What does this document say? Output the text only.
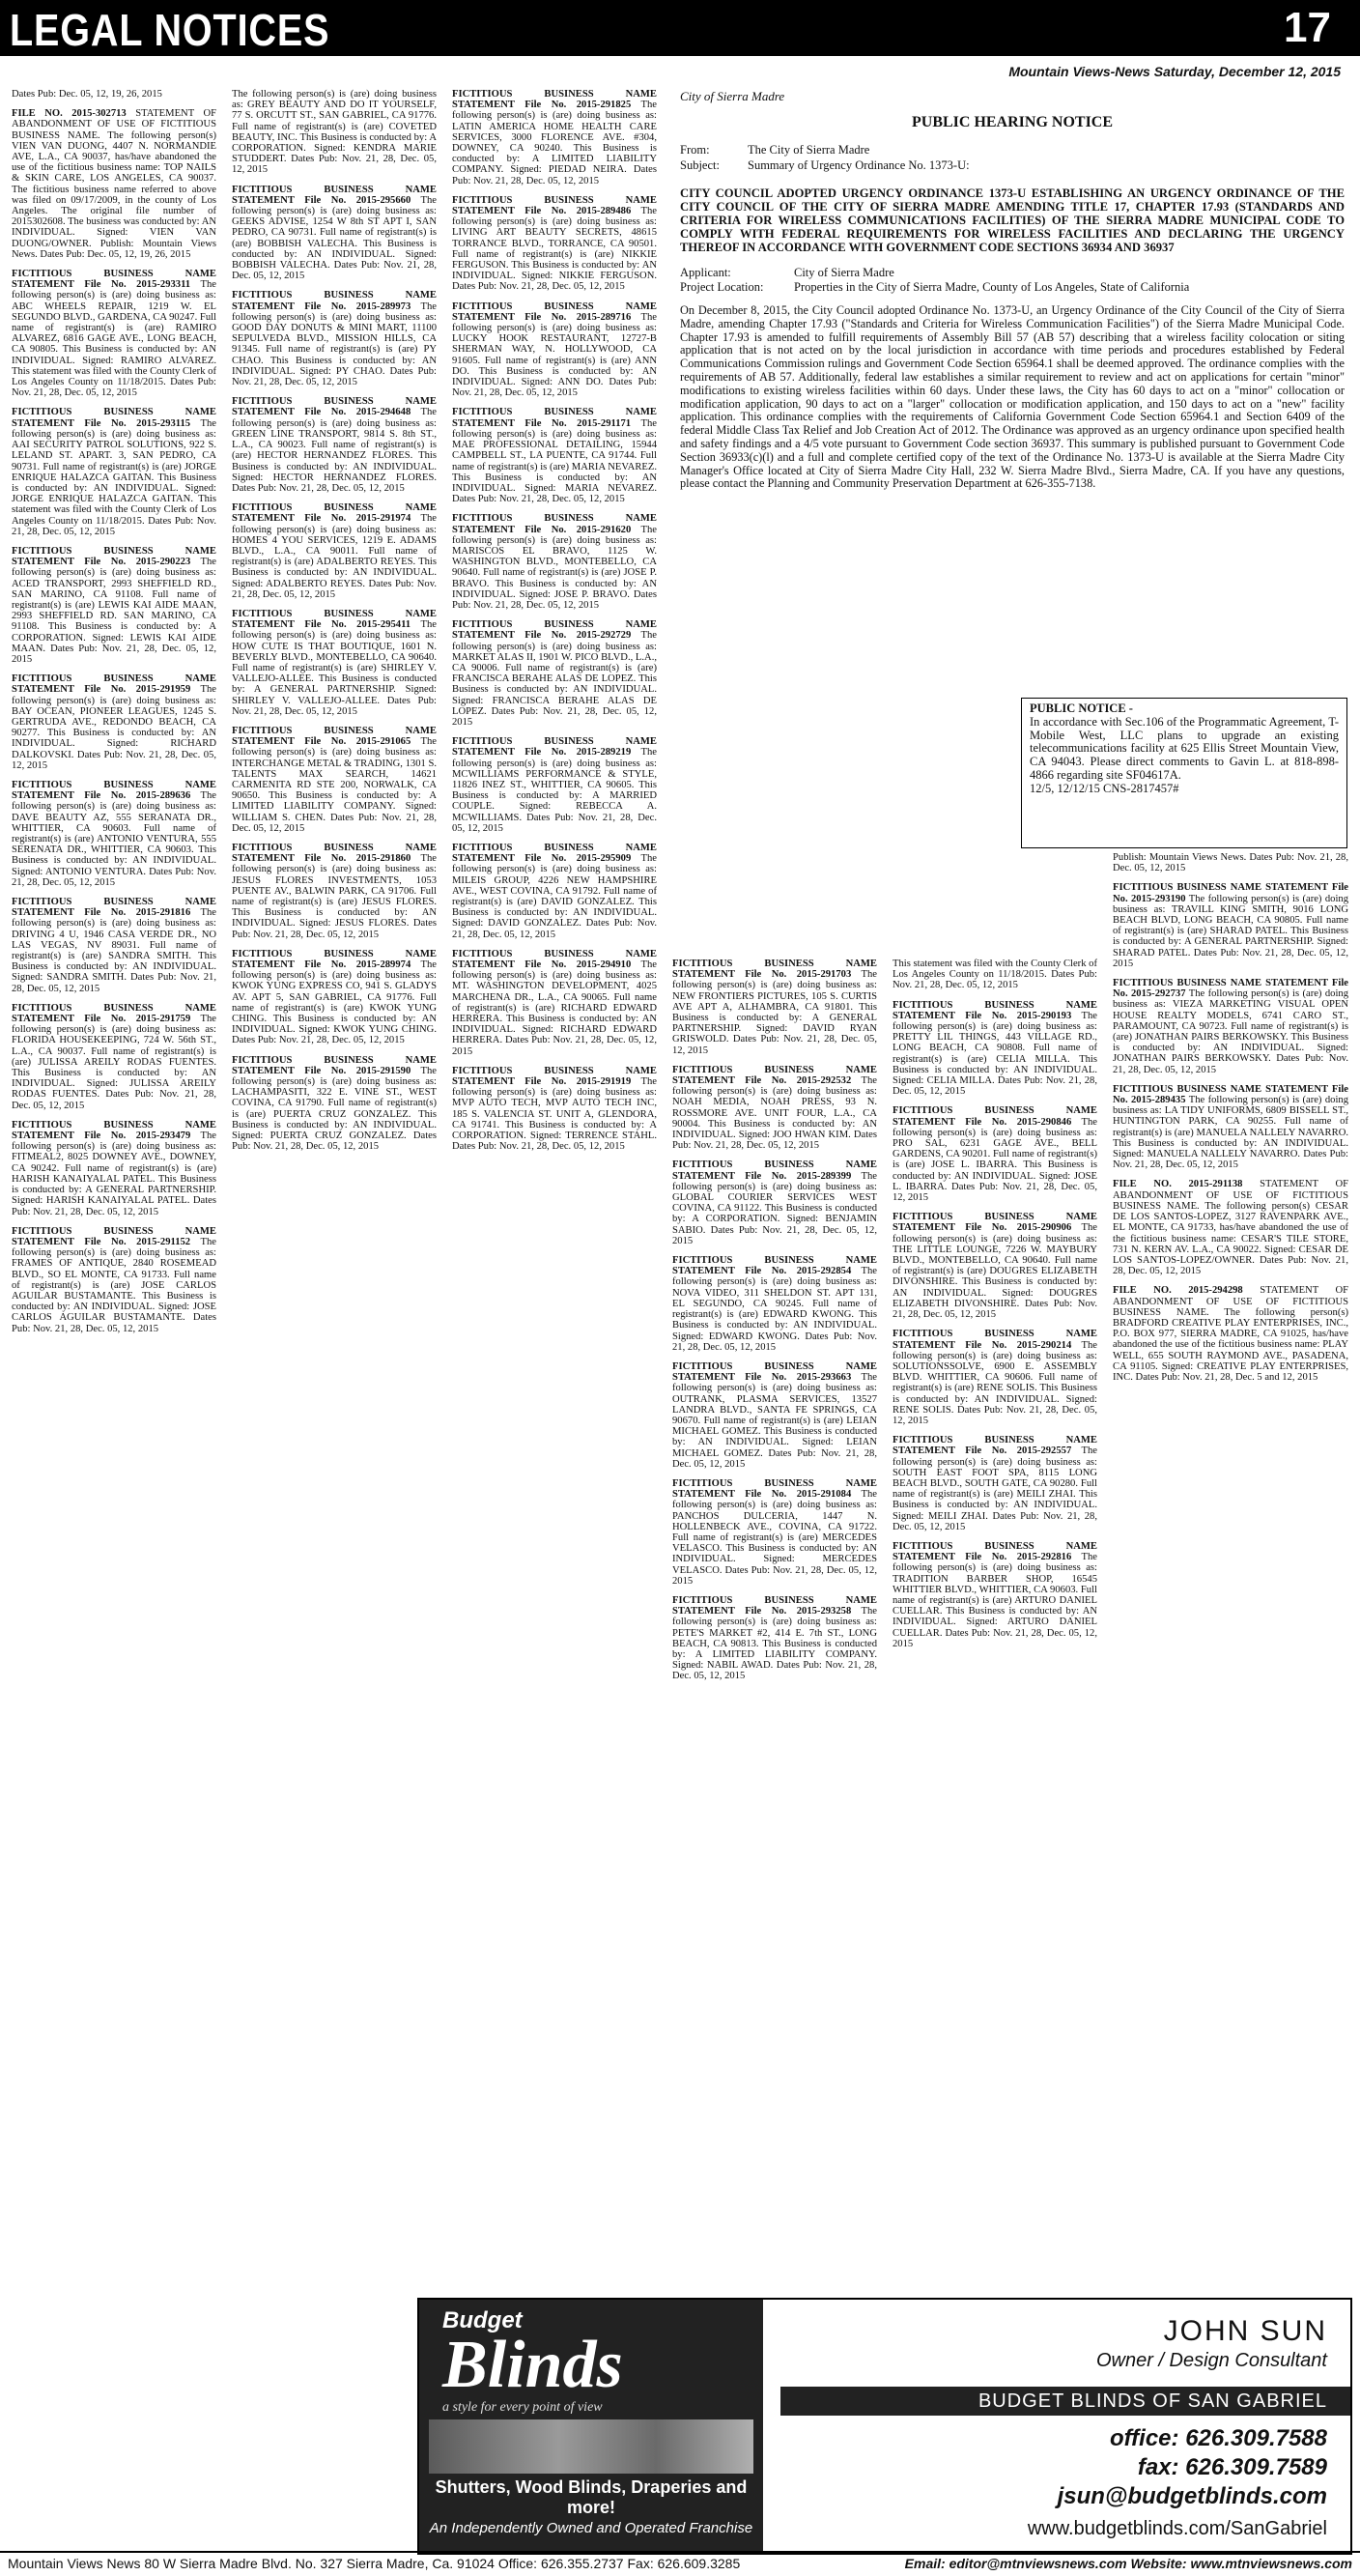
LEGAL NOTICES	17
Mountain Views-News Saturday, December 12, 2015
Dates Pub: Dec. 05, 12, 19, 26, 2015
FILE NO. 2015-302713 STATEMENT OF ABANDONMENT OF USE OF FICTITIOUS BUSINESS NAME. The following person(s) VIEN VAN DUONG, 4407 N. NORMANDIE AVE, L.A., CA 90037, has/have abandoned the use of the fictitious business name: TOP NAILS & SKIN CARE, LOS ANGELES, CA 90037. The fictitious business name referred to above was filed on 09/17/2009, in the county of Los Angeles. The original file number of 2015302608. The business was conducted by: AN INDIVIDUAL. Signed: VIEN VAN DUONG/OWNER. Publish: Mountain Views News. Dates Pub: Dec. 05, 12, 19, 26, 2015
FICTITIOUS BUSINESS NAME STATEMENT File No. 2015-293311 The following person(s) is (are) doing business as: ABC WHEELS REPAIR, 1219 W. EL SEGUNDO BLVD., GARDENA, CA 90247. Full name of registrant(s) is (are) RAMIRO ALVAREZ, 6816 GAGE AVE., LONG BEACH, CA 90805. This Business is conducted by: AN INDIVIDUAL. Signed: RAMIRO ALVAREZ. This statement was filed with the County Clerk of Los Angeles County on 11/18/2015. Dates Pub: Nov. 21, 28, Dec. 05, 12, 2015
FICTITIOUS BUSINESS NAME STATEMENT File No. 2015-293115 The following person(s) is (are) doing business as: AAI SECURITY PATROL SOLUTIONS, 922 S. LELAND ST. APART. 3, SAN PEDRO, CA 90731. Full name of registrant(s) is (are) JORGE ENRIQUE HALAZCA GAITAN. This Business is conducted by: AN INDIVIDUAL. Signed: JORGE ENRIQUE HALAZCA GAITAN. This statement was filed with the County Clerk of Los Angeles County on 11/18/2015. Dates Pub: Nov. 21, 28, Dec. 05, 12, 2015
FICTITIOUS BUSINESS NAME STATEMENT File No. 2015-290223 The following person(s) is (are) doing business as: ACED TRANSPORT, 2993 SHEFFIELD RD., SAN MARINO, CA 91108. Full name of registrant(s) is (are) LEWIS KAI AIDE MAAN, 2993 SHEFFIELD RD. SAN MARINO, CA 91108. This Business is conducted by: A CORPORATION. Signed: LEWIS KAI AIDE MAAN. Dates Pub: Nov. 21, 28, Dec. 05, 12, 2015
FICTITIOUS BUSINESS NAME STATEMENT File No. 2015-291959 The following person(s) is (are) doing business as: BAY OCEAN, PIONEER LEAGUES, 1245 S. GERTRUDA AVE., REDONDO BEACH, CA 90277. This Business is conducted by: AN INDIVIDUAL. Signed: RICHARD DALKOVSKI. Dates Pub: Nov. 21, 28, Dec. 05, 12, 2015
FICTITIOUS BUSINESS NAME STATEMENT File No. 2015-289636 The following person(s) is (are) doing business as: DAVE BEAUTY AZ, 555 SERANATA DR., WHITTIER, CA 90603. Full name of registrant(s) is (are) ANTONIO VENTURA, 555 SERENATA DR., WHITTIER, CA 90603. This Business is conducted by: AN INDIVIDUAL. Signed: ANTONIO VENTURA. Dates Pub: Nov. 21, 28, Dec. 05, 12, 2015
FICTITIOUS BUSINESS NAME STATEMENT File No. 2015-291816 The following person(s) is (are) doing business as: DRIVING 4 U, 1946 CASA VERDE DR., NO LAS VEGAS, NV 89031. Full name of registrant(s) is (are) SANDRA SMITH. This Business is conducted by: AN INDIVIDUAL. Signed: SANDRA SMITH. Dates Pub: Nov. 21, 28, Dec. 05, 12, 2015
FICTITIOUS BUSINESS NAME STATEMENT File No. 2015-291759 The following person(s) is (are) doing business as: FLORIDA HOUSEKEEPING, 724 W. 56th ST., L.A., CA 90037. Full name of registrant(s) is (are) JULISSA AREILY RODAS FUENTES. This Business is conducted by: AN INDIVIDUAL. Signed: JULISSA AREILY RODAS FUENTES. Dates Pub: Nov. 21, 28, Dec. 05, 12, 2015
FICTITIOUS BUSINESS NAME STATEMENT File No. 2015-293479 The following person(s) is (are) doing business as: FITMEAL2, 8025 DOWNEY AVE., DOWNEY, CA 90242. Full name of registrant(s) is (are) HARISH KANAIYALAL PATEL. This Business is conducted by: A GENERAL PARTNERSHIP. Signed: HARISH KANAIYALAL PATEL. Dates Pub: Nov. 21, 28, Dec. 05, 12, 2015
FICTITIOUS BUSINESS NAME STATEMENT File No. 2015-291152 The following person(s) is (are) doing business as: FRAMES OF ANTIQUE, 2840 ROSEMEAD BLVD., SO EL MONTE, CA 91733. Full name of registrant(s) is (are) JOSE CARLOS AGUILAR BUSTAMANTE. This Business is conducted by: AN INDIVIDUAL. Signed: JOSE CARLOS AGUILAR BUSTAMANTE. Dates Pub: Nov. 21, 28, Dec. 05, 12, 2015
The following person(s) is (are) doing business as: GREY BEAUTY AND DO IT YOURSELF, 77 S. ORCUTT ST., SAN GABRIEL, CA 91776. Full name of registrant(s) is (are) COVETED BEAUTY, INC. This Business is conducted by: A CORPORATION. Signed: KENDRA MARIE STUDDERT. Dates Pub: Nov. 21, 28, Dec. 05, 12, 2015
FICTITIOUS BUSINESS NAME STATEMENT File No. 2015-295660 The following person(s) is (are) doing business as: GEEKS ADVISE, 1254 W 8th ST APT I, SAN PEDRO, CA 90731. Full name of registrant(s) is (are) BOBBISH VALECHA. This Business is conducted by: AN INDIVIDUAL. Signed: BOBBISH VALECHA. Dates Pub: Nov. 21, 28, Dec. 05, 12, 2015
FICTITIOUS BUSINESS NAME STATEMENT File No. 2015-289973 The following person(s) is (are) doing business as: GOOD DAY DONUTS & MINI MART, 11100 SEPULVEDA BLVD., MISSION HILLS, CA 91345. Full name of registrant(s) is (are) PY CHAO. This Business is conducted by: AN INDIVIDUAL. Signed: PY CHAO. Dates Pub: Nov. 21, 28, Dec. 05, 12, 2015
FICTITIOUS BUSINESS NAME STATEMENT File No. 2015-294648 The following person(s) is (are) doing business as: GREEN LINE TRANSPORT, 9814 S. 8th ST., L.A., CA 90023. Full name of registrant(s) is (are) HECTOR HERNANDEZ FLORES. This Business is conducted by: AN INDIVIDUAL. Signed: HECTOR HERNANDEZ FLORES. Dates Pub: Nov. 21, 28, Dec. 05, 12, 2015
FICTITIOUS BUSINESS NAME STATEMENT File No. 2015-291974 The following person(s) is (are) doing business as: HOMES 4 YOU SERVICES, 1219 E. ADAMS BLVD., L.A., CA 90011. Full name of registrant(s) is (are) ADALBERTO REYES. This Business is conducted by: AN INDIVIDUAL. Signed: ADALBERTO REYES. Dates Pub: Nov. 21, 28, Dec. 05, 12, 2015
FICTITIOUS BUSINESS NAME STATEMENT File No. 2015-295411 The following person(s) is (are) doing business as: HOW CUTE IS THAT BOUTIQUE, 1601 N. BEVERLY BLVD., MONTEBELLO, CA 90640. Full name of registrant(s) is (are) SHIRLEY V. VALLEJO-ALLEE. This Business is conducted by: A GENERAL PARTNERSHIP. Signed: SHIRLEY V. VALLEJO-ALLEE. Dates Pub: Nov. 21, 28, Dec. 05, 12, 2015
FICTITIOUS BUSINESS NAME STATEMENT File No. 2015-291065 The following person(s) is (are) doing business as: INTERCHANGE METAL & TRADING, 1301 S. TALENTS MAX SEARCH, 14621 CARMENITA RD STE 200, NORWALK, CA 90650. This Business is conducted by: A LIMITED LIABILITY COMPANY. Signed: WILLIAM S. CHEN. Dates Pub: Nov. 21, 28, Dec. 05, 12, 2015
FICTITIOUS BUSINESS NAME STATEMENT File No. 2015-291860 The following person(s) is (are) doing business as: JESUS FLORES INVESTMENTS, 1053 PUENTE AV., BALWIN PARK, CA 91706. Full name of registrant(s) is (are) JESUS FLORES. This Business is conducted by: AN INDIVIDUAL. Signed: JESUS FLORES. Dates Pub: Nov. 21, 28, Dec. 05, 12, 2015
FICTITIOUS BUSINESS NAME STATEMENT File No. 2015-289974 The following person(s) is (are) doing business as: KWOK YUNG EXPRESS CO, 941 S. GLADYS AV. APT 5, SAN GABRIEL, CA 91776. Full name of registrant(s) is (are) KWOK YUNG CHING. This Business is conducted by: AN INDIVIDUAL. Signed: KWOK YUNG CHING. Dates Pub: Nov. 21, 28, Dec. 05, 12, 2015
FICTITIOUS BUSINESS NAME STATEMENT File No. 2015-291590 The following person(s) is (are) doing business as: LACHAMPASITI, 322 E. VINE ST., WEST COVINA, CA 91790. Full name of registrant(s) is (are) PUERTA CRUZ GONZALEZ. This Business is conducted by: AN INDIVIDUAL. Signed: PUERTA CRUZ GONZALEZ. Dates Pub: Nov. 21, 28, Dec. 05, 12, 2015
FICTITIOUS BUSINESS NAME STATEMENT File No. 2015-291825 The following person(s) is (are) doing business as: LATIN AMERICA HOME HEALTH CARE SERVICES, 3000 FLORENCE AVE. #304, DOWNEY, CA 90240. This Business is conducted by: A LIMITED LIABILITY COMPANY. Signed: PIEDAD NEIRA. Dates Pub: Nov. 21, 28, Dec. 05, 12, 2015
FICTITIOUS BUSINESS NAME STATEMENT File No. 2015-289486 The following person(s) is (are) doing business as: LIVING ART BEAUTY SECRETS, 48615 TORRANCE BLVD., TORRANCE, CA 90501. Full name of registrant(s) is (are) NIKKIE FERGUSON. This Business is conducted by: AN INDIVIDUAL. Signed: NIKKIE FERGUSON. Dates Pub: Nov. 21, 28, Dec. 05, 12, 2015
FICTITIOUS BUSINESS NAME STATEMENT File No. 2015-289716 The following person(s) is (are) doing business as: LUCKY HOOK RESTAURANT, 12727-B SHERMAN WAY, N. HOLLYWOOD, CA 91605. Full name of registrant(s) is (are) ANN DO. This Business is conducted by: AN INDIVIDUAL. Signed: ANN DO. Dates Pub: Nov. 21, 28, Dec. 05, 12, 2015
FICTITIOUS BUSINESS NAME STATEMENT File No. 2015-291171 The following person(s) is (are) doing business as: MAE PROFESSIONAL DETAILING, 15944 CAMPBELL ST., LA PUENTE, CA 91744. Full name of registrant(s) is (are) MARIA NEVAREZ. This Business is conducted by: AN INDIVIDUAL. Signed: MARIA NEVAREZ. Dates Pub: Nov. 21, 28, Dec. 05, 12, 2015
FICTITIOUS BUSINESS NAME STATEMENT File No. 2015-291620 The following person(s) is (are) doing business as: MARISCOS EL BRAVO, 1125 W. WASHINGTON BLVD., MONTEBELLO, CA 90640. Full name of registrant(s) is (are) JOSE P. BRAVO. This Business is conducted by: AN INDIVIDUAL. Signed: JOSE P. BRAVO. Dates Pub: Nov. 21, 28, Dec. 05, 12, 2015
FICTITIOUS BUSINESS NAME STATEMENT File No. 2015-292729 The following person(s) is (are) doing business as: MARKET ALAS II, 1901 W. PICO BLVD., L.A., CA 90006. Full name of registrant(s) is (are) FRANCISCA BERAHE ALAS DE LOPEZ. This Business is conducted by: AN INDIVIDUAL. Signed: FRANCISCA BERAHE ALAS DE LOPEZ. Dates Pub: Nov. 21, 28, Dec. 05, 12, 2015
FICTITIOUS BUSINESS NAME STATEMENT File No. 2015-289219 The following person(s) is (are) doing business as: MCWILLIAMS PERFORMANCE & STYLE, 11826 INEZ ST., WHITTIER, CA 90605. This Business is conducted by: A MARRIED COUPLE. Signed: REBECCA A. MCWILLIAMS. Dates Pub: Nov. 21, 28, Dec. 05, 12, 2015
FICTITIOUS BUSINESS NAME STATEMENT File No. 2015-295909 The following person(s) is (are) doing business as: MILEIS GROUP, 4226 NEW HAMPSHIRE AVE., WEST COVINA, CA 91792. Full name of registrant(s) is (are) DAVID GONZALEZ. This Business is conducted by: AN INDIVIDUAL. Signed: DAVID GONZALEZ. Dates Pub: Nov. 21, 28, Dec. 05, 12, 2015
FICTITIOUS BUSINESS NAME STATEMENT File No. 2015-294910 The following person(s) is (are) doing business as: MT. WASHINGTON DEVELOPMENT, 4025 MARCHENA DR., L.A., CA 90065. Full name of registrant(s) is (are) RICHARD EDWARD HERRERA. This Business is conducted by: AN INDIVIDUAL. Signed: RICHARD EDWARD HERRERA. Dates Pub: Nov. 21, 28, Dec. 05, 12, 2015
FICTITIOUS BUSINESS NAME STATEMENT File No. 2015-291919 The following person(s) is (are) doing business as: MVP AUTO TECH, MVP AUTO TECH INC, 185 S. VALENCIA ST. UNIT A, GLENDORA, CA 91741. This Business is conducted by: A CORPORATION. Signed: TERRENCE STAHL. Dates Pub: Nov. 21, 28, Dec. 05, 12, 2015
FICTITIOUS BUSINESS NAME STATEMENT File No. 2015-291703 The following person(s) is (are) doing business as: NEW FRONTIERS PICTURES, 105 S. CURTIS AVE APT A, ALHAMBRA, CA 91801. This Business is conducted by: A GENERAL PARTNERSHIP. Signed: DAVID RYAN GRISWOLD. Dates Pub: Nov. 21, 28, Dec. 05, 12, 2015
FICTITIOUS BUSINESS NAME STATEMENT File No. 2015-292532 The following person(s) is (are) doing business as: NOAH MEDIA, NOAH PRESS, 93 N. ROSSMORE AVE. UNIT FOUR, L.A., CA 90004. This Business is conducted by: AN INDIVIDUAL. Signed: JOO HWAN KIM. Dates Pub: Nov. 21, 28, Dec. 05, 12, 2015
FICTITIOUS BUSINESS NAME STATEMENT File No. 2015-289399 The following person(s) is (are) doing business as: GLOBAL COURIER SERVICES WEST COVINA, CA 91122. This Business is conducted by: A CORPORATION. Signed: BENJAMIN SABIO. Dates Pub: Nov. 21, 28, Dec. 05, 12, 2015
FICTITIOUS BUSINESS NAME STATEMENT File No. 2015-292854 The following person(s) is (are) doing business as: NOVA VIDEO, 311 SHELDON ST. APT 131, EL SEGUNDO, CA 90245. Full name of registrant(s) is (are) EDWARD KWONG. This Business is conducted by: AN INDIVIDUAL. Signed: EDWARD KWONG. Dates Pub: Nov. 21, 28, Dec. 05, 12, 2015
FICTITIOUS BUSINESS NAME STATEMENT File No. 2015-293663 The following person(s) is (are) doing business as: OUTRANK, PLASMA SERVICES, 13527 LANDRA BLVD., SANTA FE SPRINGS, CA 90670. Full name of registrant(s) is (are) LEIAN MICHAEL GOMEZ. This Business is conducted by: AN INDIVIDUAL. Signed: LEIAN MICHAEL GOMEZ. Dates Pub: Nov. 21, 28, Dec. 05, 12, 2015
FICTITIOUS BUSINESS NAME STATEMENT File No. 2015-291084 The following person(s) is (are) doing business as: PANCHOS DULCERIA, 1447 N. HOLLENBECK AVE., COVINA, CA 91722. Full name of registrant(s) is (are) MERCEDES VELASCO. This Business is conducted by: AN INDIVIDUAL. Signed: MERCEDES VELASCO. Dates Pub: Nov. 21, 28, Dec. 05, 12, 2015
FICTITIOUS BUSINESS NAME STATEMENT File No. 2015-293258 The following person(s) is (are) doing business as: PETE'S MARKET #2, 414 E. 7th ST., LONG BEACH, CA 90813. This Business is conducted by: A LIMITED LIABILITY COMPANY. Signed: NABIL AWAD. Dates Pub: Nov. 21, 28, Dec. 05, 12, 2015
This statement was filed with the County Clerk of Los Angeles County on 11/18/2015. Dates Pub: Nov. 21, 28, Dec. 05, 12, 2015
FICTITIOUS BUSINESS NAME STATEMENT File No. 2015-290193 The following person(s) is (are) doing business as: PRETTY LIL THINGS, 443 VILLAGE RD., LONG BEACH, CA 90808. Full name of registrant(s) is (are) CELIA MILLA. This Business is conducted by: AN INDIVIDUAL. Signed: CELIA MILLA. Dates Pub: Nov. 21, 28, Dec. 05, 12, 2015
FICTITIOUS BUSINESS NAME STATEMENT File No. 2015-290846 The following person(s) is (are) doing business as: PRO SAL, 6231 GAGE AVE., BELL GARDENS, CA 90201. Full name of registrant(s) is (are) JOSE L. IBARRA. This Business is conducted by: AN INDIVIDUAL. Signed: JOSE L. IBARRA. Dates Pub: Nov. 21, 28, Dec. 05, 12, 2015
FICTITIOUS BUSINESS NAME STATEMENT File No. 2015-290906 The following person(s) is (are) doing business as: THE LITTLE LOUNGE, 7226 W. MAYBURY BLVD., MONTEBELLO, CA 90640. Full name of registrant(s) is (are) DOUGRES ELIZABETH DIVONSHIRE. This Business is conducted by: AN INDIVIDUAL. Signed: DOUGRES ELIZABETH DIVONSHIRE. Dates Pub: Nov. 21, 28, Dec. 05, 12, 2015
FICTITIOUS BUSINESS NAME STATEMENT File No. 2015-290214 The following person(s) is (are) doing business as: SOLUTIONSSOLVE, 6900 E. ASSEMBLY BLVD. WHITTIER, CA 90606. Full name of registrant(s) is (are) RENE SOLIS. This Business is conducted by: AN INDIVIDUAL. Signed: RENE SOLIS. Dates Pub: Nov. 21, 28, Dec. 05, 12, 2015
FICTITIOUS BUSINESS NAME STATEMENT File No. 2015-292557 The following person(s) is (are) doing business as: SOUTH EAST FOOT SPA, 8115 LONG BEACH BLVD., SOUTH GATE, CA 90280. Full name of registrant(s) is (are) MEILI ZHAI. This Business is conducted by: AN INDIVIDUAL. Signed: MEILI ZHAI. Dates Pub: Nov. 21, 28, Dec. 05, 12, 2015
FICTITIOUS BUSINESS NAME STATEMENT File No. 2015-292816 The following person(s) is (are) doing business as: TRADITION BARBER SHOP, 16545 WHITTIER BLVD., WHITTIER, CA 90603. Full name of registrant(s) is (are) ARTURO DANIEL CUELLAR. This Business is conducted by: AN INDIVIDUAL. Signed: ARTURO DANIEL CUELLAR. Dates Pub: Nov. 21, 28, Dec. 05, 12, 2015
Publish: Mountain Views News. Dates Pub: Nov. 21, 28, Dec. 05, 12, 2015
FICTITIOUS BUSINESS NAME STATEMENT File No. 2015-293190 The following person(s) is (are) doing business as: TRAVILL KING SMITH, 9016 LONG BEACH BLVD, LONG BEACH, CA 90805. Full name of registrant(s) is (are) SHARAD PATEL. This Business is conducted by: A GENERAL PARTNERSHIP. Signed: SHARAD PATEL. Dates Pub: Nov. 21, 28, Dec. 05, 12, 2015
FICTITIOUS BUSINESS NAME STATEMENT File No. 2015-292737 The following person(s) is (are) doing business as: VIEZA MARKETING VISUAL OPEN HOUSE REALTY MODELS, 6741 CARO ST., PARAMOUNT, CA 90723. Full name of registrant(s) is (are) JONATHAN PAIRS BERKOWSKY. This Business is conducted by: AN INDIVIDUAL. Signed: JONATHAN PAIRS BERKOWSKY. Dates Pub: Nov. 21, 28, Dec. 05, 12, 2015
FICTITIOUS BUSINESS NAME STATEMENT File No. 2015-289435 The following person(s) is (are) doing business as: LA TIDY UNIFORMS, 6809 BISSELL ST., HUNTINGTON PARK, CA 90255. Full name of registrant(s) is (are) MANUELA NALLELY NAVARRO. This Business is conducted by: AN INDIVIDUAL. Signed: MANUELA NALLELY NAVARRO. Dates Pub: Nov. 21, 28, Dec. 05, 12, 2015
FILE NO. 2015-291138 STATEMENT OF ABANDONMENT OF USE OF FICTITIOUS BUSINESS NAME. The following person(s) CESAR DE LOS SANTOS-LOPEZ, 3127 RAVENPARK AVE., EL MONTE, CA 91733, has/have abandoned the use of the fictitious business name: CESAR'S TILE STORE, 731 N. KERN AV. L.A., CA 90022. Signed: CESAR DE LOS SANTOS-LOPEZ/OWNER. Dates Pub: Nov. 21, 28, Dec. 05, 12, 2015
FILE NO. 2015-294298 STATEMENT OF ABANDONMENT OF USE OF FICTITIOUS BUSINESS NAME. The following person(s) BRADFORD CREATIVE PLAY ENTERPRISES, INC., P.O. BOX 977, SIERRA MADRE, CA 91025, has/have abandoned the use of the fictitious business name: PLAY WELL, 655 SOUTH RAYMOND AVE., PASADENA, CA 91105. Signed: CREATIVE PLAY ENTERPRISES, INC. Dates Pub: Nov. 21, 28, Dec. 5 and 12, 2015
City of Sierra Madre
PUBLIC HEARING NOTICE
From:	The City of Sierra Madre
Subject: Summary of Urgency Ordinance No. 1373-U:
CITY COUNCIL ADOPTED URGENCY ORDINANCE 1373-U ESTABLISHING AN URGENCY ORDINANCE OF THE CITY COUNCIL OF THE CITY OF SIERRA MADRE AMENDING TITLE 17, CHAPTER 17.93 (STANDARDS AND CRITERIA FOR WIRELESS COMMUNICATIONS FACILITIES) OF THE SIERRA MADRE MUNICIPAL CODE TO COMPLY WITH FEDERAL REQUIREMENTS FOR WIRELESS FACILITIES AND DECLARING THE URGENCY THEREOF IN ACCORDANCE WITH GOVERNMENT CODE SECTIONS 36934 AND 36937
Applicant:	City of Sierra Madre
Project Location:	Properties in the City of Sierra Madre, County of Los Angeles, State of California
On December 8, 2015, the City Council adopted Ordinance No. 1373-U, an Urgency Ordinance of the City Council of the City of Sierra Madre, amending Chapter 17.93 ("Standards and Criteria for Wireless Communication Facilities") of the Sierra Madre Municipal Code. Chapter 17.93 is amended to fulfill requirements of Assembly Bill 57 (AB 57) describing that a wireless facility colocation or siting application that is not acted on by the local jurisdiction in accordance with time periods and procedures established by Federal Communications Commission rulings and Government Code Section 65964.1 shall be deemed approved. The ordinance complies with the requirements of AB 57. Additionally, federal law establishes a similar requirement to review and act on applications for certain "minor" modifications to existing wireless facilities within 60 days. Under these laws, the City has 60 days to act on a "minor" collocation or modification application, 90 days to act on a "larger" collocation or modification application, and 150 days to act on a "new" facility application. This ordinance complies with the requirements of California Government Code Section 65964.1 and Section 6409 of the federal Middle Class Tax Relief and Job Creation Act of 2012. The Ordinance was approved as an urgency ordinance upon specified health and safety findings and a 4/5 vote pursuant to Government Code section 36937. This summary is published pursuant to Government Code Section 36933(c)(l) and a full and complete certified copy of the text of the Ordinance No. 1373-U is available at the Sierra Madre City Manager's Office located at City of Sierra Madre City Hall, 232 W. Sierra Madre Blvd., Sierra Madre, CA. If you have any questions, please contact the Planning and Community Preservation Department at 626-355-7138.
PUBLIC NOTICE -
In accordance with Sec.106 of the Programmatic Agreement, T-Mobile West, LLC plans to upgrade an existing telecommunications facility at 625 Ellis Street Mountain View, CA 94043. Please direct comments to Gavin L. at 818-898-4866 regarding site SF04617A.
12/5, 12/12/15 CNS-2817457#
Budget
Blinds
a style for every point of view
Shutters, Wood Blinds, Draperies and more!
An Independently Owned and Operated Franchise
JOHN SUN
Owner / Design Consultant
BUDGET BLINDS OF SAN GABRIEL
office: 626.309.7588
fax: 626.309.7589
jsun@budgetblinds.com
www.budgetblinds.com/SanGabriel
Mountain Views News 80 W Sierra Madre Blvd. No. 327 Sierra Madre, Ca. 91024 Office: 626.355.2737 Fax: 626.609.3285	Email: editor@mtnviewsnews.com Website: www.mtnviewsnews.com
